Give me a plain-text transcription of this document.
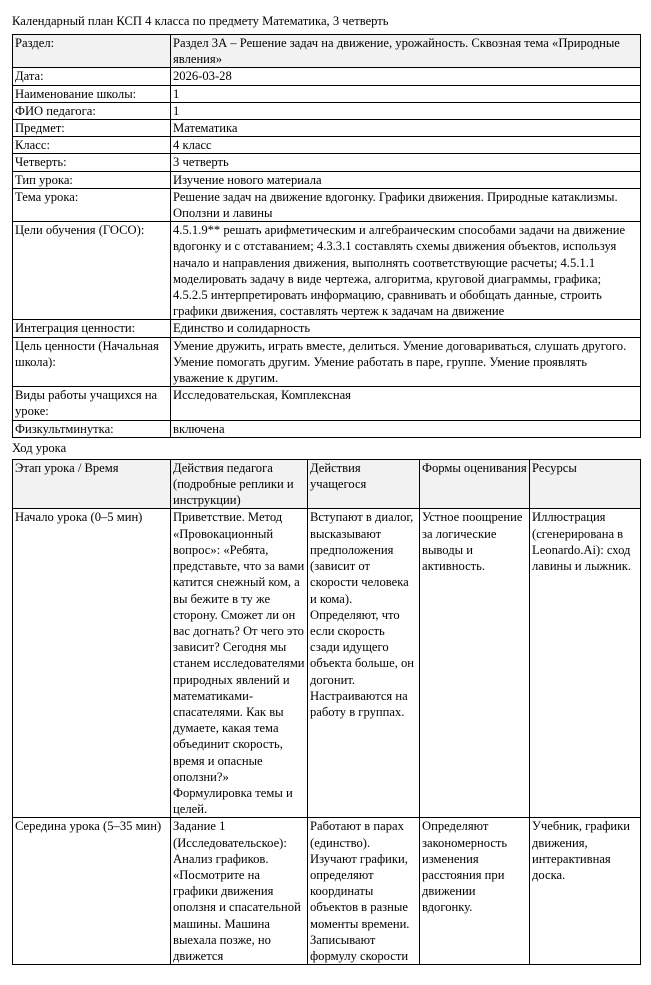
Календарный план КСП 4 класса по предмету Математика, 3 четверть
Раздел:	Раздел 3А – Решение задач на движение, урожайность. Сквозная тема «Природные явления»
Дата:	2026-03-28
Наименование школы:	1
ФИО педагога:	1
Предмет:	Математика
Класс:	4 класс
Четверть:	3 четверть
Тип урока:	Изучение нового материала
Тема урока:	Решение задач на движение вдогонку. Графики движения. Природные катаклизмы. Оползни и лавины
Цели обучения (ГОСО):	4.5.1.9** решать арифметическим и алгебраическим способами задачи на движение вдогонку и с отставанием; 4.3.3.1 составлять схемы движения объектов, используя начало и направления движения, выполнять соответствующие расчеты; 4.5.1.1 моделировать задачу в виде чертежа, алгоритма, круговой диаграммы, графика; 4.5.2.5 интерпретировать информацию, сравнивать и обобщать данные, строить графики движения, составлять чертеж к задачам на движение
Интеграция ценности:	Единство и солидарность
Цель ценности (Начальная школа):	Умение дружить, играть вместе, делиться. Умение договариваться, слушать другого. Умение помогать другим. Умение работать в паре, группе. Умение проявлять уважение к другим.
Виды работы учащихся на уроке:	Исследовательская, Комплексная
Физкультминутка:	включена
Ход урока
Этап урока / Время	Действия педагога (подробные реплики и инструкции)	Действия учащегося	Формы оценивания	Ресурсы
Начало урока (0–5 мин)	Приветствие. Метод «Провокационный вопрос»: «Ребята, представьте, что за вами катится снежный ком, а вы бежите в ту же сторону. Сможет ли он вас догнать? От чего это зависит? Сегодня мы станем исследователями природных явлений и математиками-спасателями. Как вы думаете, какая тема объединит скорость, время и опасные оползни?» Формулировка темы и целей.	Вступают в диалог, высказывают предположения (зависит от скорости человека и кома). Определяют, что если скорость сзади идущего объекта больше, он догонит. Настраиваются на работу в группах.	Устное поощрение за логические выводы и активность.	Иллюстрация (сгенерирована в Leonardo.Ai): сход лавины и лыжник.
Середина урока (5–35 мин)	Задание 1 (Исследовательское): Анализ графиков. «Посмотрите на графики движения оползня и спасательной машины. Машина выехала позже, но движется	Работают в парах (единство). Изучают графики, определяют координаты объектов в разные моменты времени. Записывают формулу скорости	Определяют закономерность изменения расстояния при движении вдогонку.	Учебник, графики движения, интерактивная доска.
